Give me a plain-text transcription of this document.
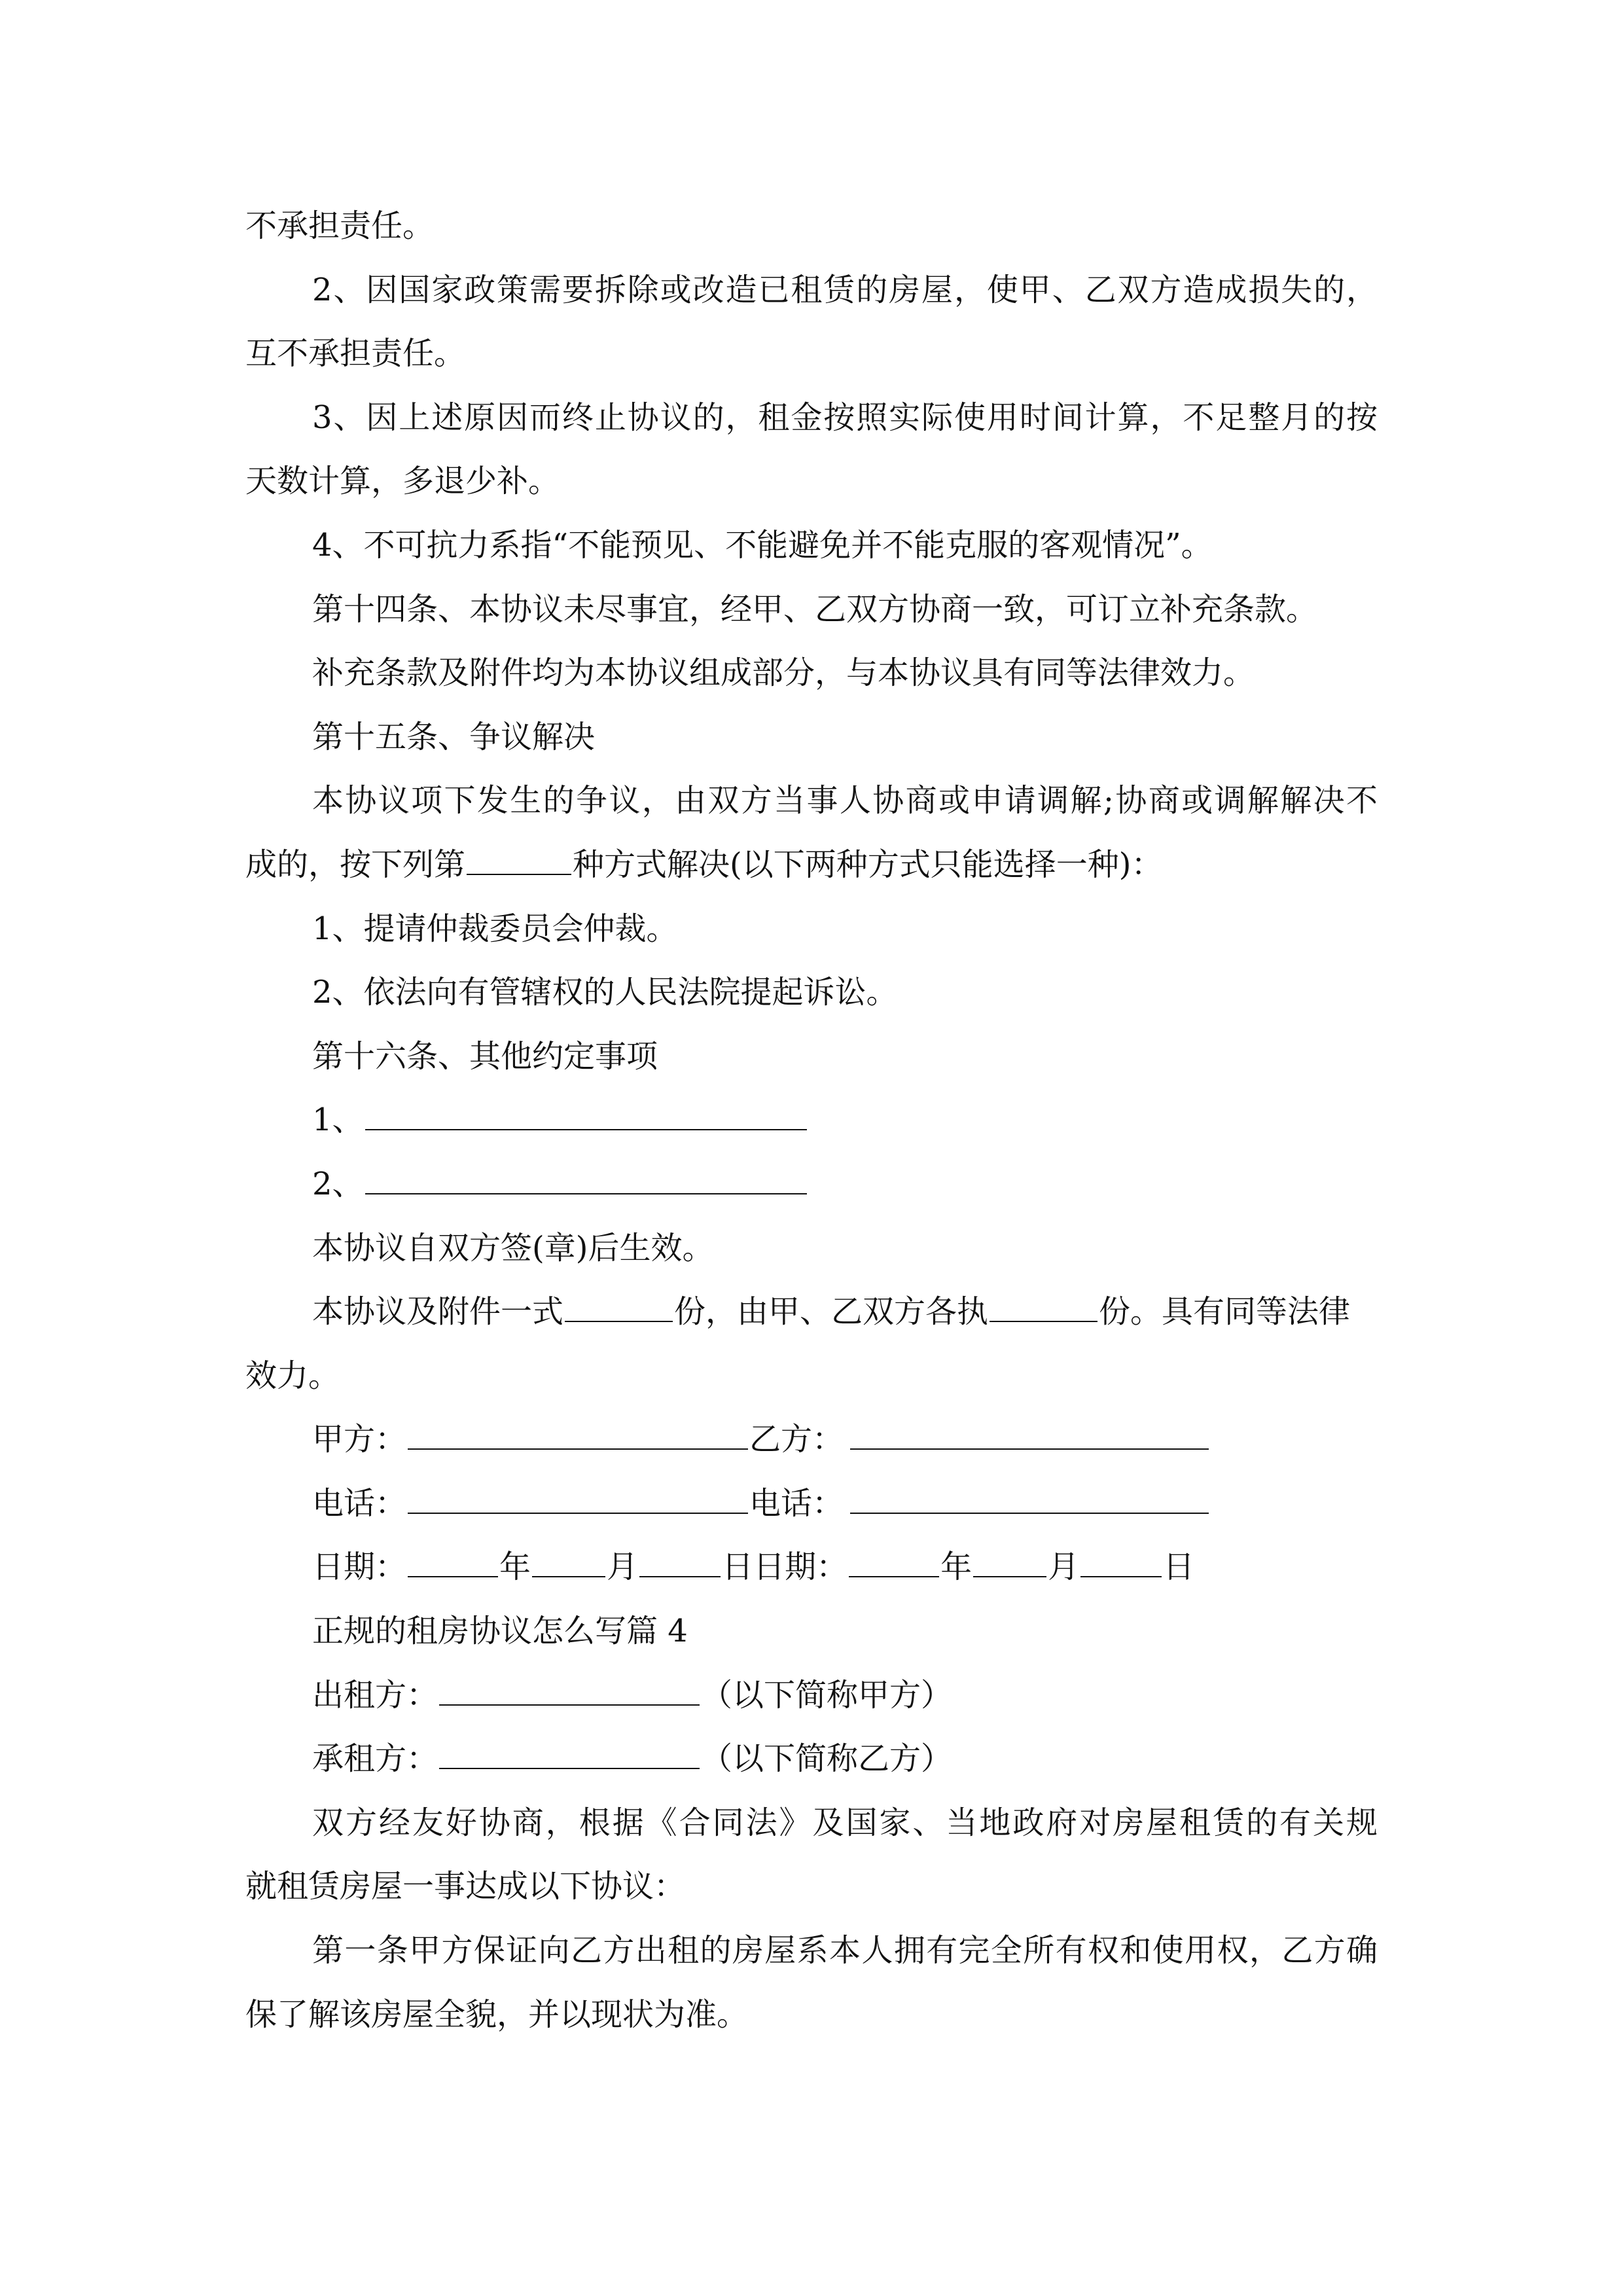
不承担责任。
2、因国家政策需要拆除或改造已租赁的房屋，使甲、乙双方造成损失的，
互不承担责任。
3、因上述原因而终止协议的，租金按照实际使用时间计算，不足整月的按
天数计算，多退少补。
4、不可抗力系指“不能预见、不能避免并不能克服的客观情况”。
第十四条、本协议未尽事宜，经甲、乙双方协商一致，可订立补充条款。
补充条款及附件均为本协议组成部分，与本协议具有同等法律效力。
第十五条、争议解决
本协议项下发生的争议，由双方当事人协商或申请调解;协商或调解解决不
成的，按下列第	种方式解决(以下两种方式只能选择一种)：
1、提请仲裁委员会仲裁。
2、依法向有管辖权的人民法院提起诉讼。
第十六条、其他约定事项
1、
2、
本协议自双方签(章)后生效。
本协议及附件一式	份，由甲、乙双方各执	份。具有同等法律
效力。
甲方：	乙方：
电话：	电话：
日期：	年 月	日日期：	年 月	日
正规的租房协议怎么写篇 4
出租方：	（以下简称甲方）
承租方：	（以下简称乙方）
双方经友好协商，根据《合同法》及国家、当地政府对房屋租赁的有关规
就租赁房屋一事达成以下协议：
第一条甲方保证向乙方出租的房屋系本人拥有完全所有权和使用权，乙方确
保了解该房屋全貌，并以现状为准。
